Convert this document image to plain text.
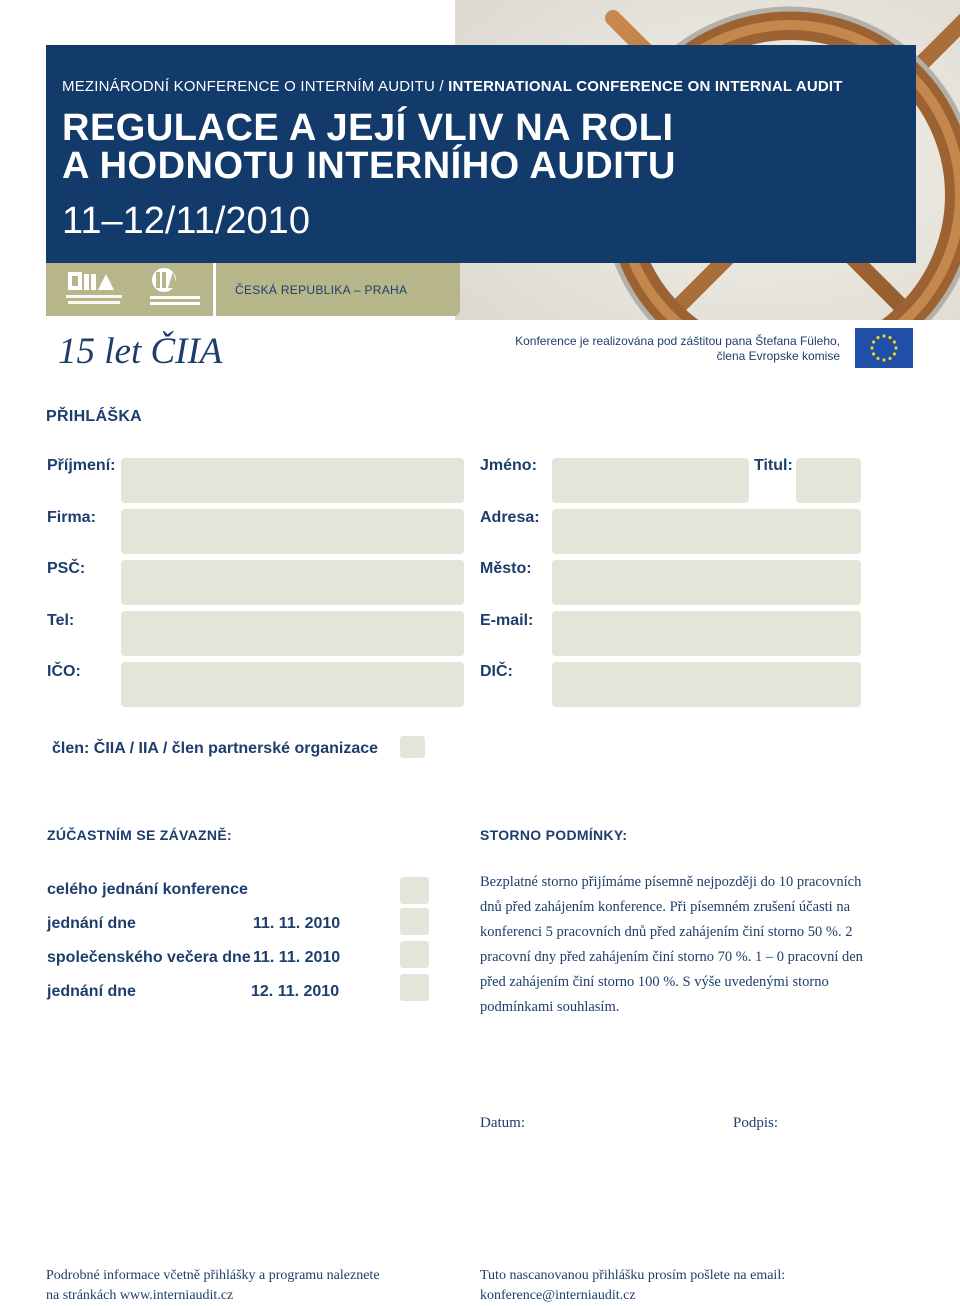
MEZINÁRODNÍ KONFERENCE O INTERNÍM AUDITU / INTERNATIONAL CONFERENCE ON INTERNAL AUDIT
REGULACE A JEJÍ VLIV NA ROLI
A HODNOTU INTERNÍHO AUDITU
11–12/11/2010
ČESKÁ REPUBLIKA – PRAHA
15 let ČIIA	Konference je realizována pod záštitou pana Štefana Füleho,
člena Evropske komise
PŘIHLÁŠKA
Příjmení:	Jméno:	Titul:
Firma:	Adresa:
PSČ:	Město:
Tel:	E-mail:
IČO:	DIČ:
člen: ČIIA / IIA / člen partnerské organizace
ZÚČASTNÍM SE ZÁVAZNĚ:
celého jednání konference
jednání dne	11. 11. 2010
společenského večera dne 11. 11. 2010
jednání dne	12. 11. 2010
STORNO PODMÍNKY:
Bezplatné storno přijímáme písemně nejpozději do 10 pracovních dnů před zahájením konference. Při písemném zrušení účasti na konferenci 5 pracovních dnů před zahájením činí storno 50 %. 2 pracovní dny před zahájením činí storno 70 %. 1 – 0 pracovní den před zahájením činí storno 100 %. S výše uvedenými storno podmínkami souhlasím.
Datum:	Podpis:
Podrobné informace včetně přihlášky a programu naleznete
na stránkách www.interniaudit.cz
Tuto nascanovanou přihlášku prosím pošlete na email:
konference@interniaudit.cz
